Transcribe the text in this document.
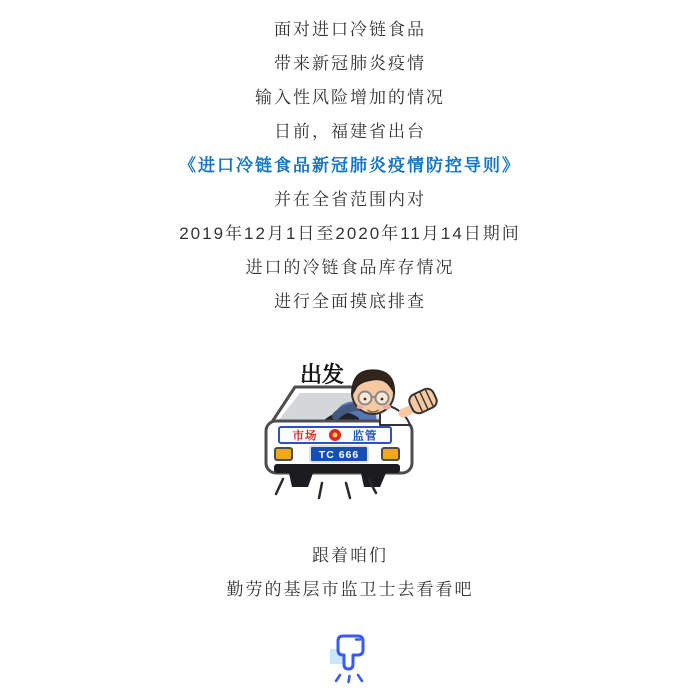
面对进口冷链食品

带来新冠肺炎疫情

输入性风险增加的情况

日前，福建省出台

《进口冷链食品新冠肺炎疫情防控导则》

并在全省范围内对

2019年12月1日至2020年11月14日期间

进口的冷链食品库存情况

进行全面摸底排查

出发
市场	监管
TC 666

跟着咱们

勤劳的基层市监卫士去看看吧
